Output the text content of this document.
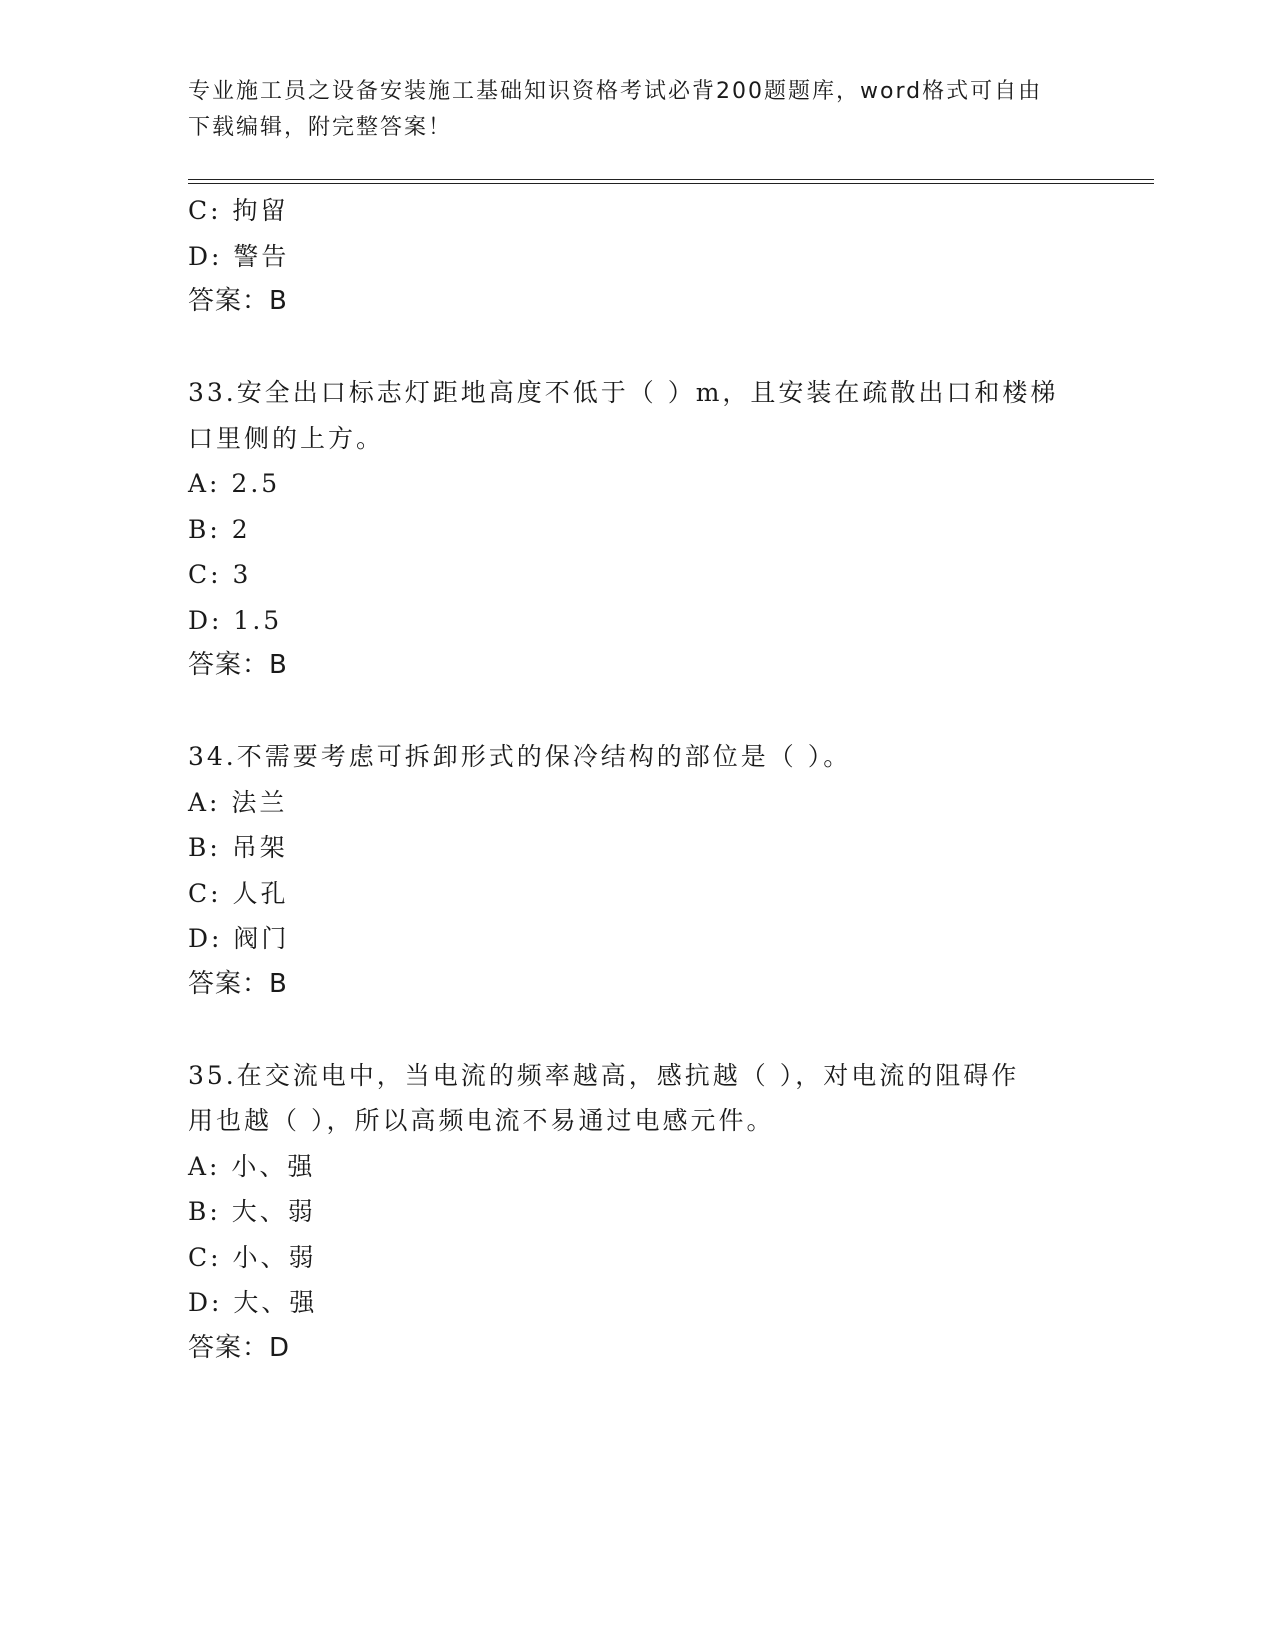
专业施工员之设备安装施工基础知识资格考试必背200题题库，word格式可自由
下载编辑，附完整答案！
C: 拘留
D: 警告
答案：B
33.安全出口标志灯距地高度不低于（ ）m，且安装在疏散出口和楼梯
口里侧的上方。
A: 2.5
B: 2
C: 3
D: 1.5
答案：B
34.不需要考虑可拆卸形式的保冷结构的部位是（ ）。
A: 法兰
B: 吊架
C: 人孔
D: 阀门
答案：B
35.在交流电中，当电流的频率越高，感抗越（ ），对电流的阻碍作
用也越（ ），所以高频电流不易通过电感元件。
A: 小、强
B: 大、弱
C: 小、弱
D: 大、强
答案：D
